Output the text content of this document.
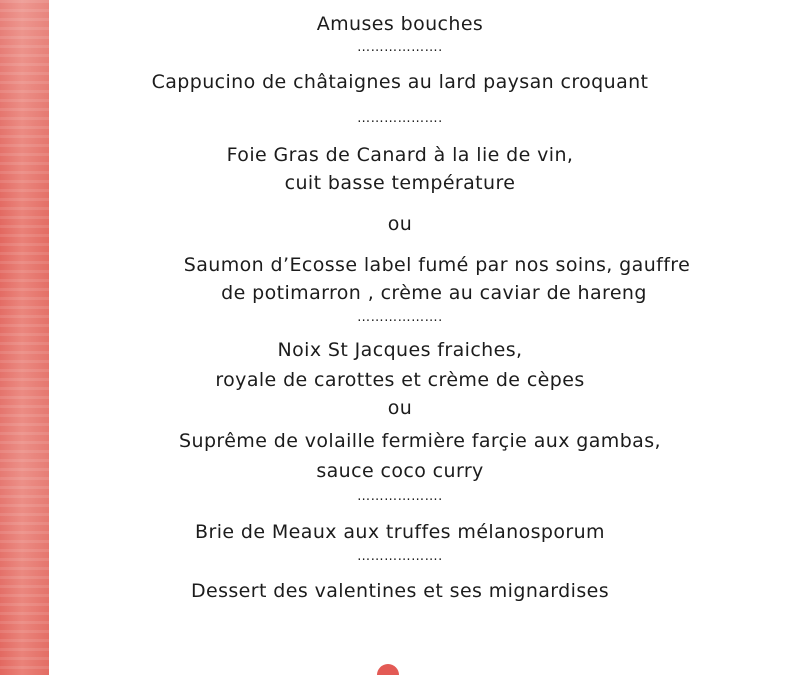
Amuses bouches
……………….
Cappucino de châtaignes au lard paysan croquant
……………….
Foie Gras de Canard à la lie de vin,
cuit basse température
ou
Saumon d’Ecosse label fumé par nos soins, gauffre
de potimarron , crème au caviar de hareng
……………….
Noix St Jacques fraiches,
royale de carottes et crème de cèpes
ou
Suprême de volaille fermière farçie aux gambas,
sauce coco curry
……………….
Brie de Meaux aux truffes mélanosporum
……………….
Dessert des valentines et ses mignardises
